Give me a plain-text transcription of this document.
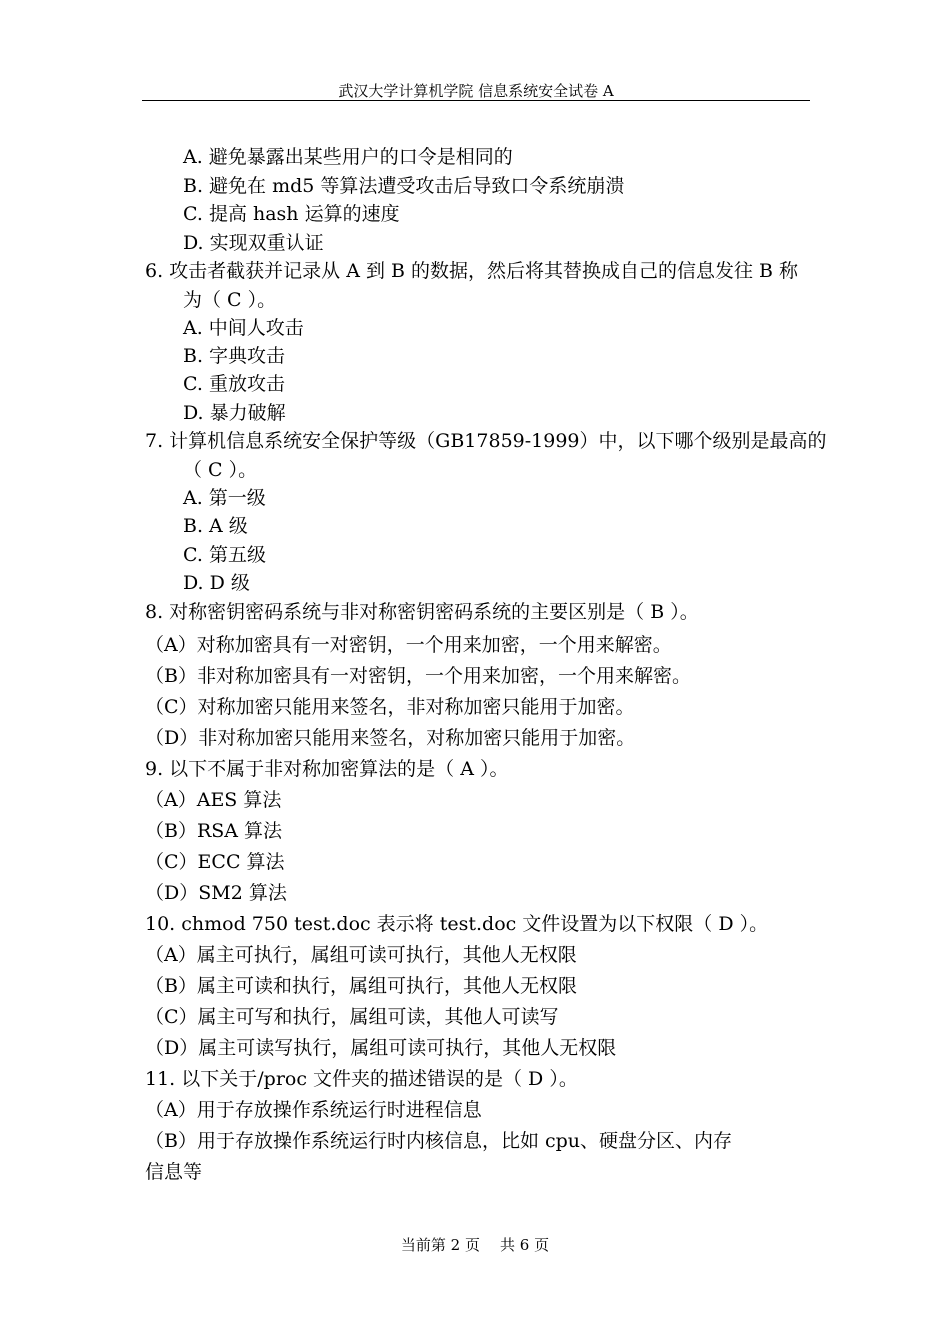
武汉大学计算机学院 信息系统安全试卷 A
A. 避免暴露出某些用户的口令是相同的
B. 避免在 md5 等算法遭受攻击后导致口令系统崩溃
C. 提高 hash 运算的速度
D. 实现双重认证
6. 攻击者截获并记录从 A 到 B 的数据，然后将其替换成自己的信息发往 B 称
为（ C ）。
A. 中间人攻击
B. 字典攻击
C. 重放攻击
D. 暴力破解
7. 计算机信息系统安全保护等级（GB17859-1999）中，以下哪个级别是最高的
（ C ）。
A. 第一级
B. A 级
C. 第五级
D. D 级
8. 对称密钥密码系统与非对称密钥密码系统的主要区别是（ B ）。
（A）对称加密具有一对密钥，一个用来加密，一个用来解密。
（B）非对称加密具有一对密钥，一个用来加密，一个用来解密。
（C）对称加密只能用来签名，非对称加密只能用于加密。
（D）非对称加密只能用来签名，对称加密只能用于加密。
9. 以下不属于非对称加密算法的是（ A ）。
（A）AES 算法
（B）RSA 算法
（C）ECC 算法
（D）SM2 算法
10. chmod 750 test.doc 表示将 test.doc 文件设置为以下权限（ D ）。
（A）属主可执行，属组可读可执行，其他人无权限
（B）属主可读和执行，属组可执行，其他人无权限
（C）属主可写和执行，属组可读，其他人可读写
（D）属主可读写执行，属组可读可执行，其他人无权限
11. 以下关于/proc 文件夹的描述错误的是（ D ）。
（A）用于存放操作系统运行时进程信息
（B）用于存放操作系统运行时内核信息，比如 cpu、硬盘分区、内存
信息等
当前第 2 页 共 6 页
